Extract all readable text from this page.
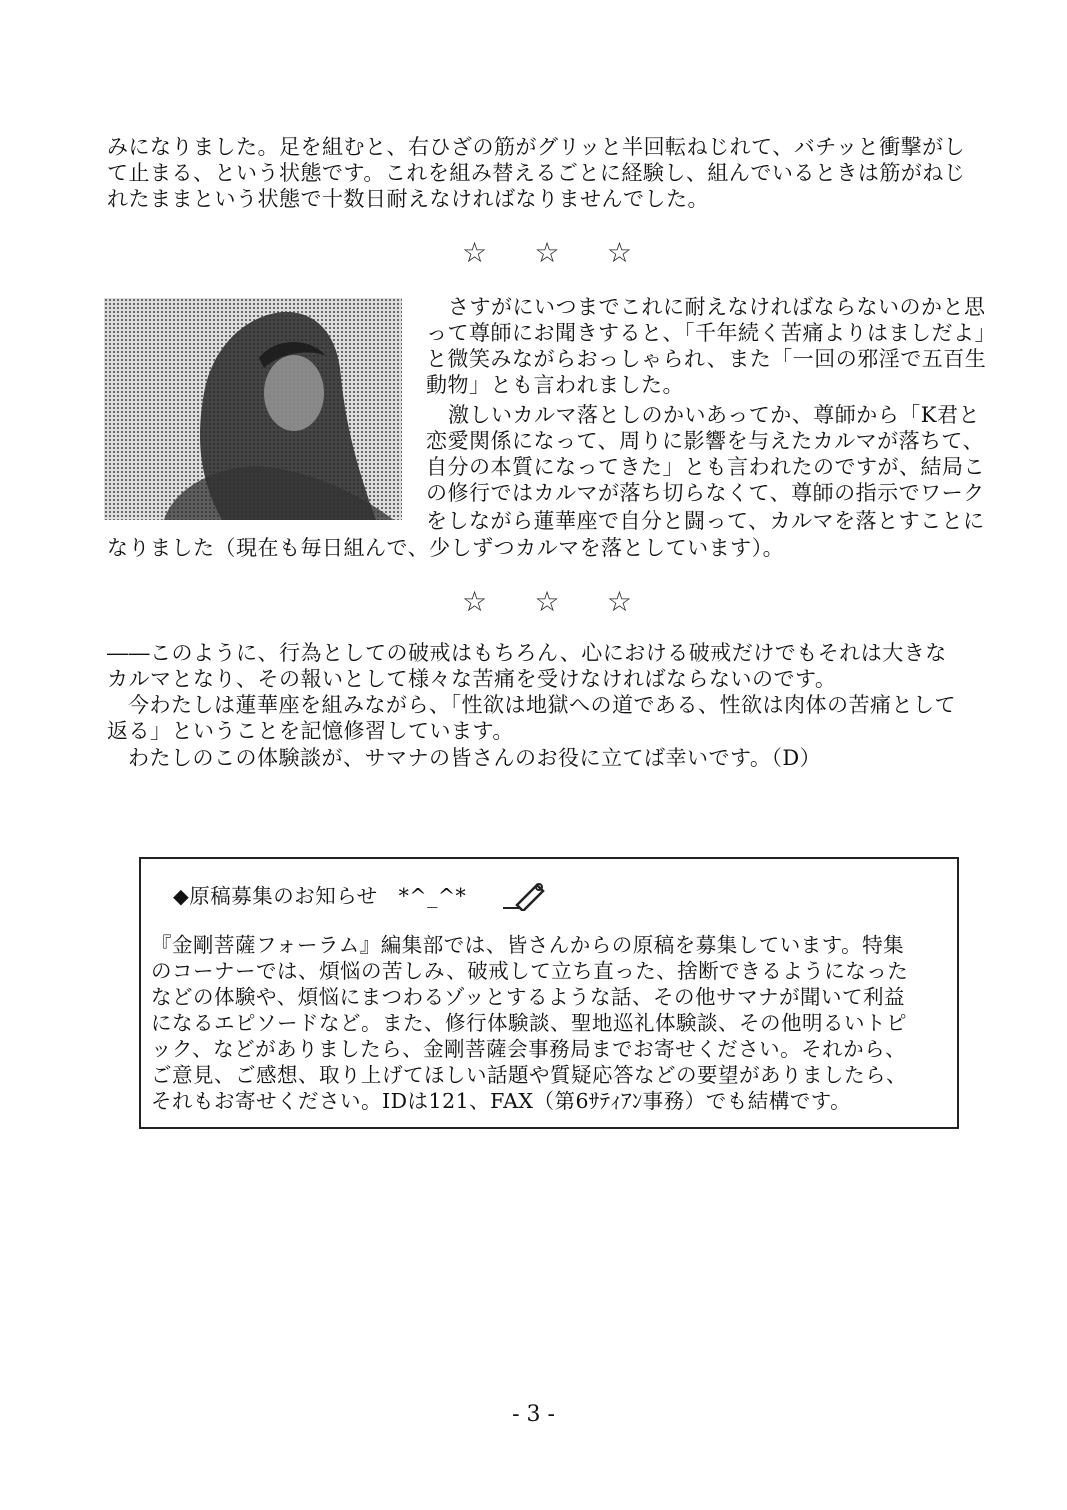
みになりました。足を組むと、右ひざの筋がグリッと半回転ねじれて、バチッと衝撃がし
て止まる、という状態です。これを組み替えるごとに経験し、組んでいるときは筋がねじ
れたままという状態で十数日耐えなければなりませんでした。
☆ ☆ ☆
さすがにいつまでこれに耐えなければならないのかと思
って尊師にお聞きすると、「千年続く苦痛よりはましだよ」
と微笑みながらおっしゃられ、また「一回の邪淫で五百生
動物」とも言われました。
激しいカルマ落としのかいあってか、尊師から「K君と
恋愛関係になって、周りに影響を与えたカルマが落ちて、
自分の本質になってきた」とも言われたのですが、結局こ
の修行ではカルマが落ち切らなくて、尊師の指示でワーク
をしながら蓮華座で自分と闘って、カルマを落とすことに
なりました（現在も毎日組んで、少しずつカルマを落としています）。
☆ ☆ ☆
――このように、行為としての破戒はもちろん、心における破戒だけでもそれは大きな
カルマとなり、その報いとして様々な苦痛を受けなければならないのです。
今わたしは蓮華座を組みながら、「性欲は地獄への道である、性欲は肉体の苦痛として
返る」ということを記憶修習しています。
わたしのこの体験談が、サマナの皆さんのお役に立てば幸いです。（D）
◆原稿募集のお知らせ　*^_^*
『金剛菩薩フォーラム』編集部では、皆さんからの原稿を募集しています。特集
のコーナーでは、煩悩の苦しみ、破戒して立ち直った、捨断できるようになった
などの体験や、煩悩にまつわるゾッとするような話、その他サマナが聞いて利益
になるエピソードなど。また、修行体験談、聖地巡礼体験談、その他明るいトピ
ック、などがありましたら、金剛菩薩会事務局までお寄せください。それから、
ご意見、ご感想、取り上げてほしい話題や質疑応答などの要望がありましたら、
それもお寄せください。IDは121、FAX（第6ｻﾃｨｱﾝ事務）でも結構です。
- 3 -
